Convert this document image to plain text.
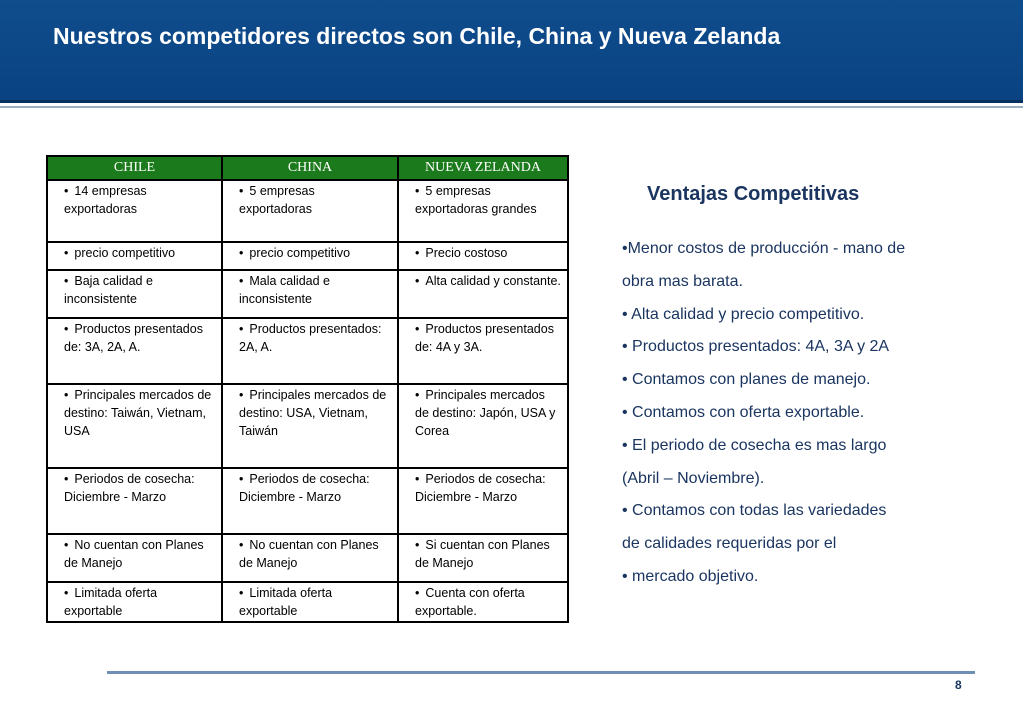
Nuestros competidores directos son Chile, China y Nueva Zelanda
CHILE	CHINA	NUEVA ZELANDA
• 14 empresas exportadoras	• 5 empresas exportadoras	• 5 empresas exportadoras grandes
• precio competitivo	• precio competitivo	• Precio costoso
• Baja calidad e inconsistente	• Mala calidad e inconsistente	• Alta calidad y constante.
• Productos presentados de: 3A, 2A, A.	• Productos presentados: 2A, A.	• Productos presentados de: 4A y 3A.
• Principales mercados de destino: Taiwán, Vietnam, USA	• Principales mercados de destino: USA, Vietnam, Taiwán	• Principales mercados de destino: Japón, USA y Corea
• Periodos de cosecha: Diciembre - Marzo	• Periodos de cosecha: Diciembre - Marzo	• Periodos de cosecha: Diciembre - Marzo
• No cuentan con Planes de Manejo	• No cuentan con Planes de Manejo	• Si cuentan con Planes de Manejo
• Limitada oferta exportable	• Limitada oferta exportable	• Cuenta con oferta exportable.
Ventajas Competitivas
•Menor costos de producción - mano de
obra mas barata.
• Alta calidad y precio competitivo.
• Productos presentados: 4A, 3A y 2A
• Contamos con planes de manejo.
• Contamos con oferta exportable.
• El periodo de cosecha es mas largo
(Abril – Noviembre).
• Contamos con todas las variedades
de calidades requeridas por el
• mercado objetivo.
8
